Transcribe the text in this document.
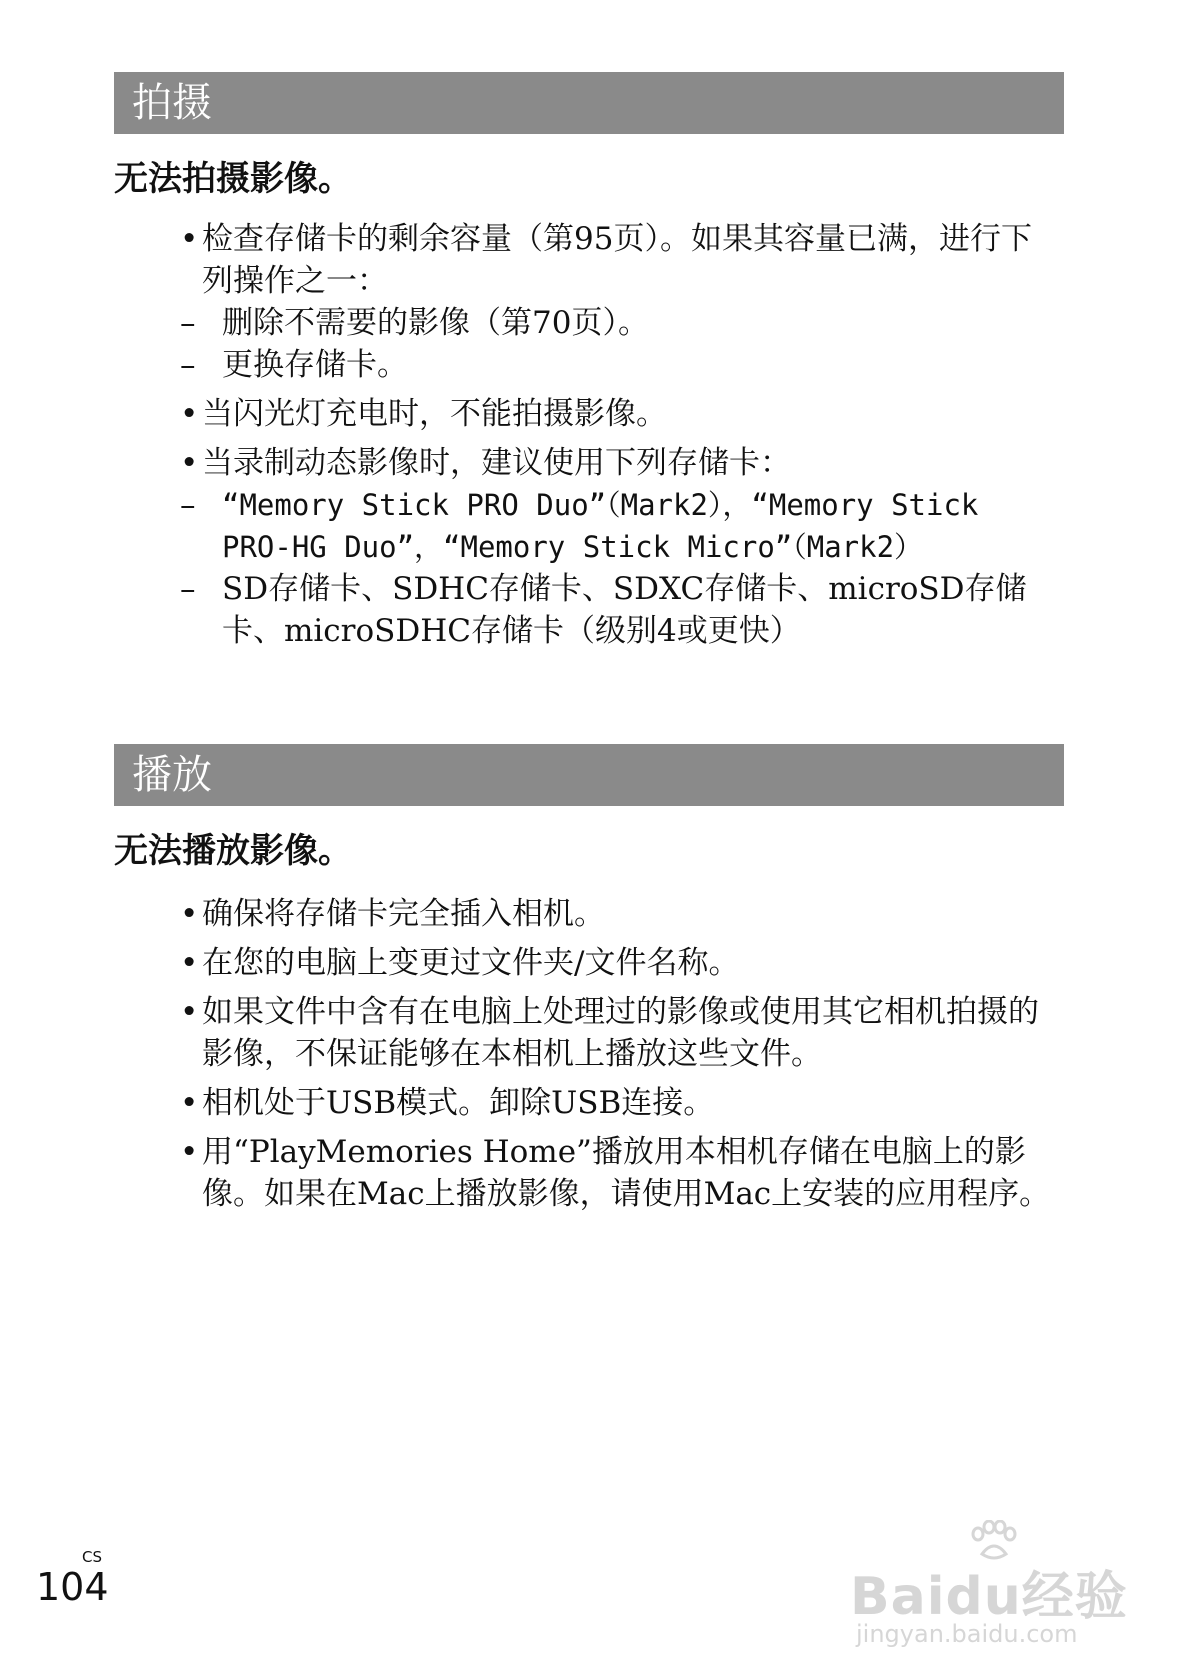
拍摄
无法拍摄影像。
• 检查存储卡的剩余容量（第95页）。如果其容量已满，进行下列操作之一：
– 删除不需要的影像（第70页）。
– 更换存储卡。
• 当闪光灯充电时，不能拍摄影像。
• 当录制动态影像时，建议使用下列存储卡：
– “Memory Stick PRO Duo”（Mark2），“Memory Stick PRO-HG Duo”，“Memory Stick Micro”（Mark2）
– SD存储卡、SDHC存储卡、SDXC存储卡、microSD存储卡、microSDHC存储卡（级别4或更快）
播放
无法播放影像。
• 确保将存储卡完全插入相机。
• 在您的电脑上变更过文件夹/文件名称。
• 如果文件中含有在电脑上处理过的影像或使用其它相机拍摄的影像，不保证能够在本相机上播放这些文件。
• 相机处于USB模式。卸除USB连接。
• 用“PlayMemories Home”播放用本相机存储在电脑上的影像。如果在Mac上播放影像，请使用Mac上安装的应用程序。
CS
104	Baidu经验
jingyan.baidu.com
